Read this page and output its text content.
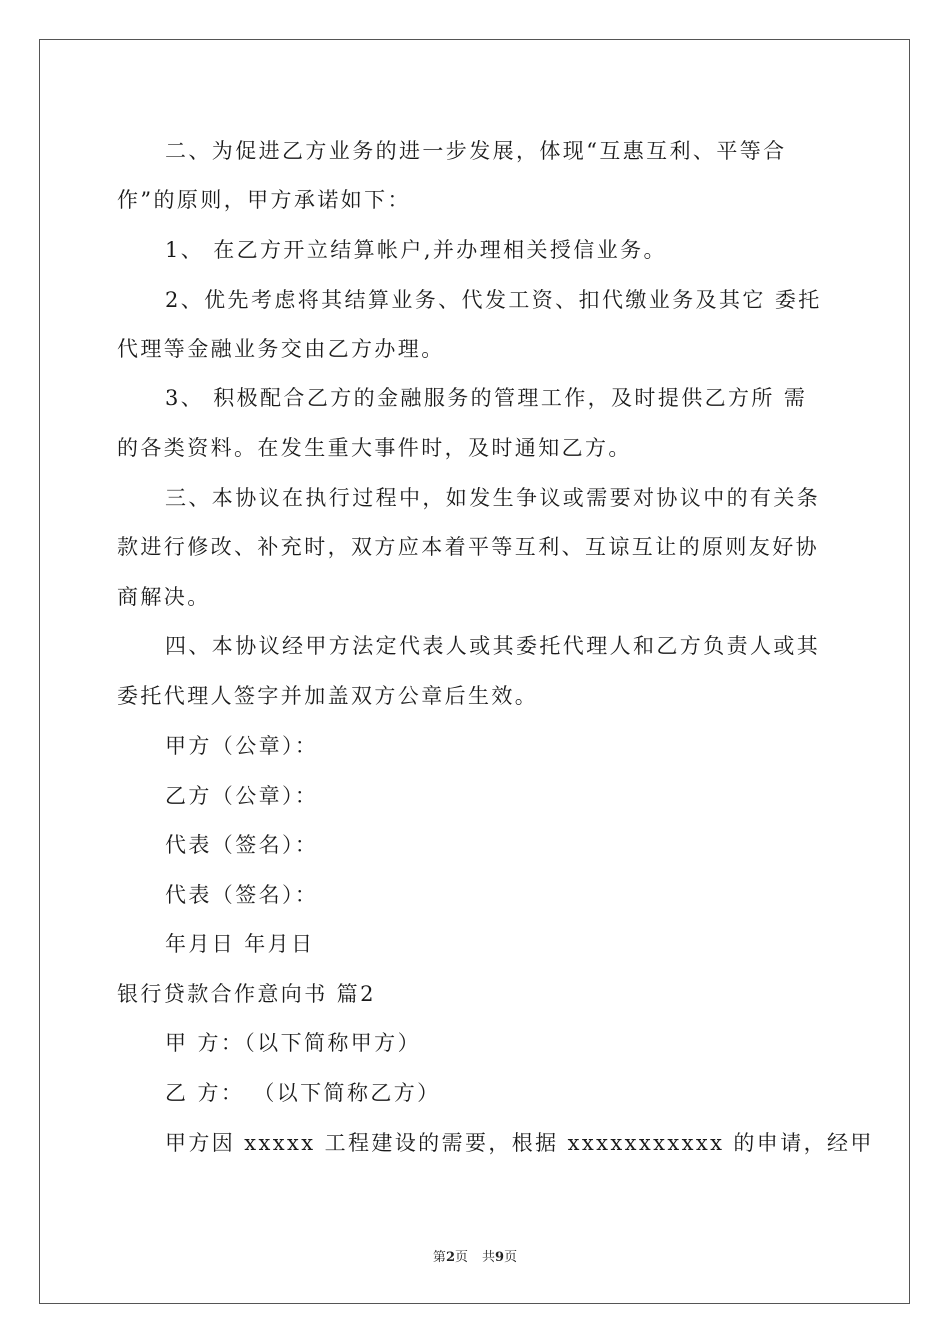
二、为促进乙方业务的进一步发展，体现“互惠互利、平等合
作”的原则，甲方承诺如下：
1、 在乙方开立结算帐户,并办理相关授信业务。
2、优先考虑将其结算业务、代发工资、扣代缴业务及其它 委托
代理等金融业务交由乙方办理。
3、 积极配合乙方的金融服务的管理工作，及时提供乙方所 需
的各类资料。在发生重大事件时，及时通知乙方。
三、本协议在执行过程中，如发生争议或需要对协议中的有关条
款进行修改、补充时，双方应本着平等互利、互谅互让的原则友好协
商解决。
四、本协议经甲方法定代表人或其委托代理人和乙方负责人或其
委托代理人签字并加盖双方公章后生效。
甲方（公章）：
乙方（公章）：
代表（签名）：
代表（签名）：
年月日 年月日
银行贷款合作意向书 篇2
甲 方：（以下简称甲方）
乙 方： （以下简称乙方）
甲方因 xxxxx 工程建设的需要，根据 xxxxxxxxxxx 的申请，经甲
第2页 共9页
